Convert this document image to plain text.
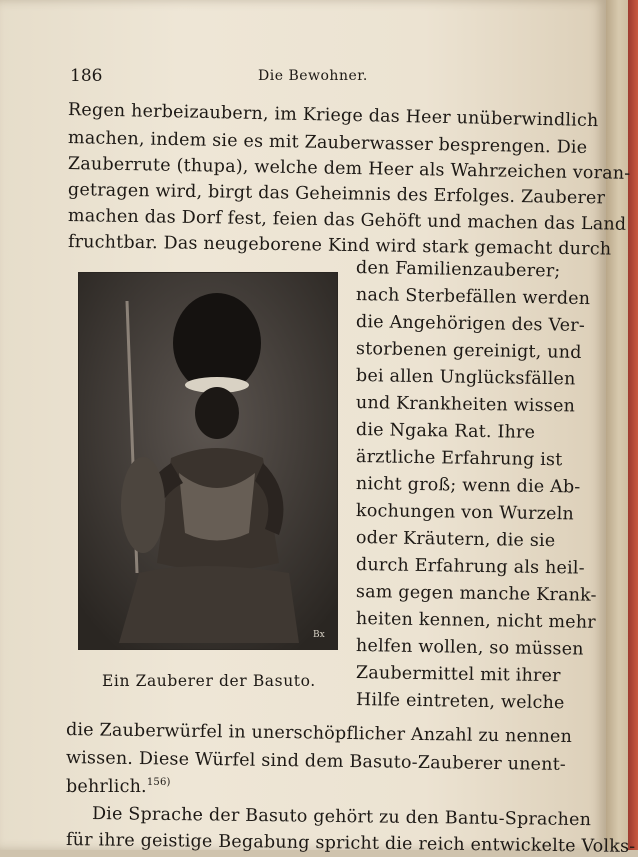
186	Die Bewohner.
Regen herbeizaubern, im Kriege das Heer unüberwindlich
machen, indem sie es mit Zauberwasser besprengen. Die
Zauberrute (thupa), welche dem Heer als Wahrzeichen voran-
getragen wird, birgt das Geheimnis des Erfolges. Zauberer
machen das Dorf fest, feien das Gehöft und machen das Land
fruchtbar. Das neugeborene Kind wird stark gemacht durch
Bx
den Familienzauberer;
nach Sterbefällen werden
die Angehörigen des Ver-
storbenen gereinigt, und
bei allen Unglücksfällen
und Krankheiten wissen
die Ngaka Rat. Ihre
ärztliche Erfahrung ist
nicht groß; wenn die Ab-
kochungen von Wurzeln
oder Kräutern, die sie
durch Erfahrung als heil-
sam gegen manche Krank-
heiten kennen, nicht mehr
helfen wollen, so müssen
Zaubermittel mit ihrer
Hilfe eintreten, welche
Ein Zauberer der Basuto.
die Zauberwürfel in unerschöpflicher Anzahl zu nennen
wissen. Diese Würfel sind dem Basuto-Zauberer unent-
behrlich.$^{156)}$
Die Sprache der Basuto gehört zu den Bantu-Sprachen
für ihre geistige Begabung spricht die reich entwickelte Volks-
